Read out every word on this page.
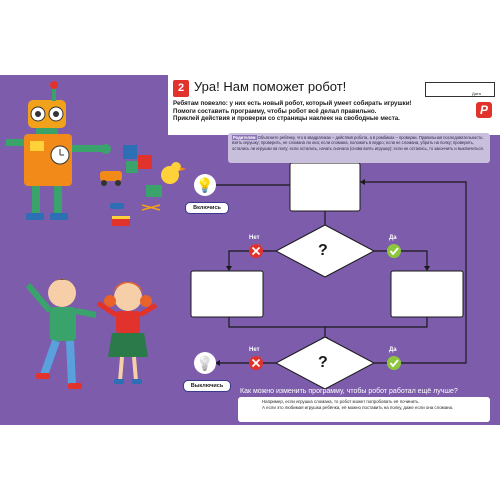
2 Ура! Нам поможет робот!	Дата
P
Ребятам повезло: у них есть новый робот, который умеет собирать игрушки!
Помоги составить программу, чтобы робот всё делал правильно.
Приклей действия и проверки со страницы наклеек на свободные места.
Родителям Объясните ребёнку, что в квадратиках – действия робота, а в ромбиках – проверки. Правильная последовательность: взять игрушку; проверить, не сломана ли она; если сломана, положить в ведро; если не сломана, убрать на полку; проверить, остались ли игрушки на полу; если остались, начать сначала (снова взять игрушку); если не остались, то закончить и выключиться.
💡
Включись
💡
Выключись
?
?
Нет	Да
Нет	Да
Как можно изменить программу, чтобы робот работал ещё лучше?
Например, если игрушка сломана, то робот может попробовать её починить.
А если это любимая игрушка ребёнка, её можно поставить на полку, даже если она сломана.
